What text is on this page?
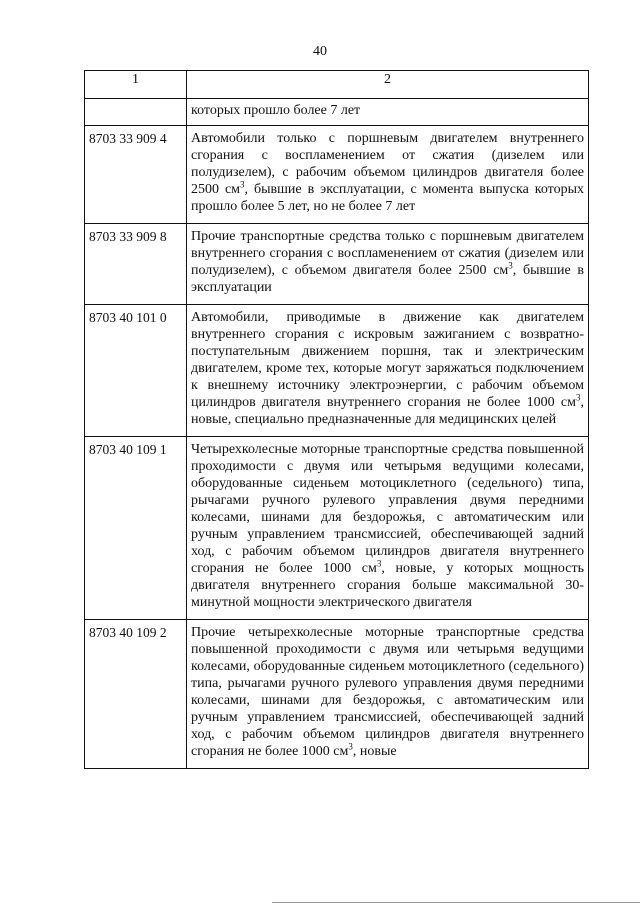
40
1	2
	которых прошло более 7 лет
8703 33 909 4	Автомобили только с поршневым двигателем внутреннего сгорания с воспламенением от сжатия (дизелем или полудизелем), с рабочим объемом цилиндров двигателя более 2500 $см^3$, бывшие в эксплуатации, с момента выпуска которых прошло более 5 лет, но не более 7 лет
8703 33 909 8	Прочие транспортные средства только с поршневым двигателем внутреннего сгорания с воспламенением от сжатия (дизелем или полудизелем), с объемом двигателя более 2500 $см^3$, бывшие в эксплуатации
8703 40 101 0	Автомобили, приводимые в движение как двигателем внутреннего сгорания с искровым зажиганием с возвратно-поступательным движением поршня, так и электрическим двигателем, кроме тех, которые могут заряжаться подключением к внешнему источнику электроэнергии, с рабочим объемом цилиндров двигателя внутреннего сгорания не более 1000 $см^3$, новые, специально предназначенные для медицинских целей
8703 40 109 1	Четырехколесные моторные транспортные средства повышенной проходимости с двумя или четырьмя ведущими колесами, оборудованные сиденьем мотоциклетного (седельного) типа, рычагами ручного рулевого управления двумя передними колесами, шинами для бездорожья, с автоматическим или ручным управлением трансмиссией, обеспечивающей задний ход, с рабочим объемом цилиндров двигателя внутреннего сгорания не более 1000 $см^3$, новые, у которых мощность двигателя внутреннего сгорания больше максимальной 30-минутной мощности электрического двигателя
8703 40 109 2	Прочие четырехколесные моторные транспортные средства повышенной проходимости с двумя или четырьмя ведущими колесами, оборудованные сиденьем мотоциклетного (седельного) типа, рычагами ручного рулевого управления двумя передними колесами, шинами для бездорожья, с автоматическим или ручным управлением трансмиссией, обеспечивающей задний ход, с рабочим объемом цилиндров двигателя внутреннего сгорания не более 1000 $см^3$, новые
